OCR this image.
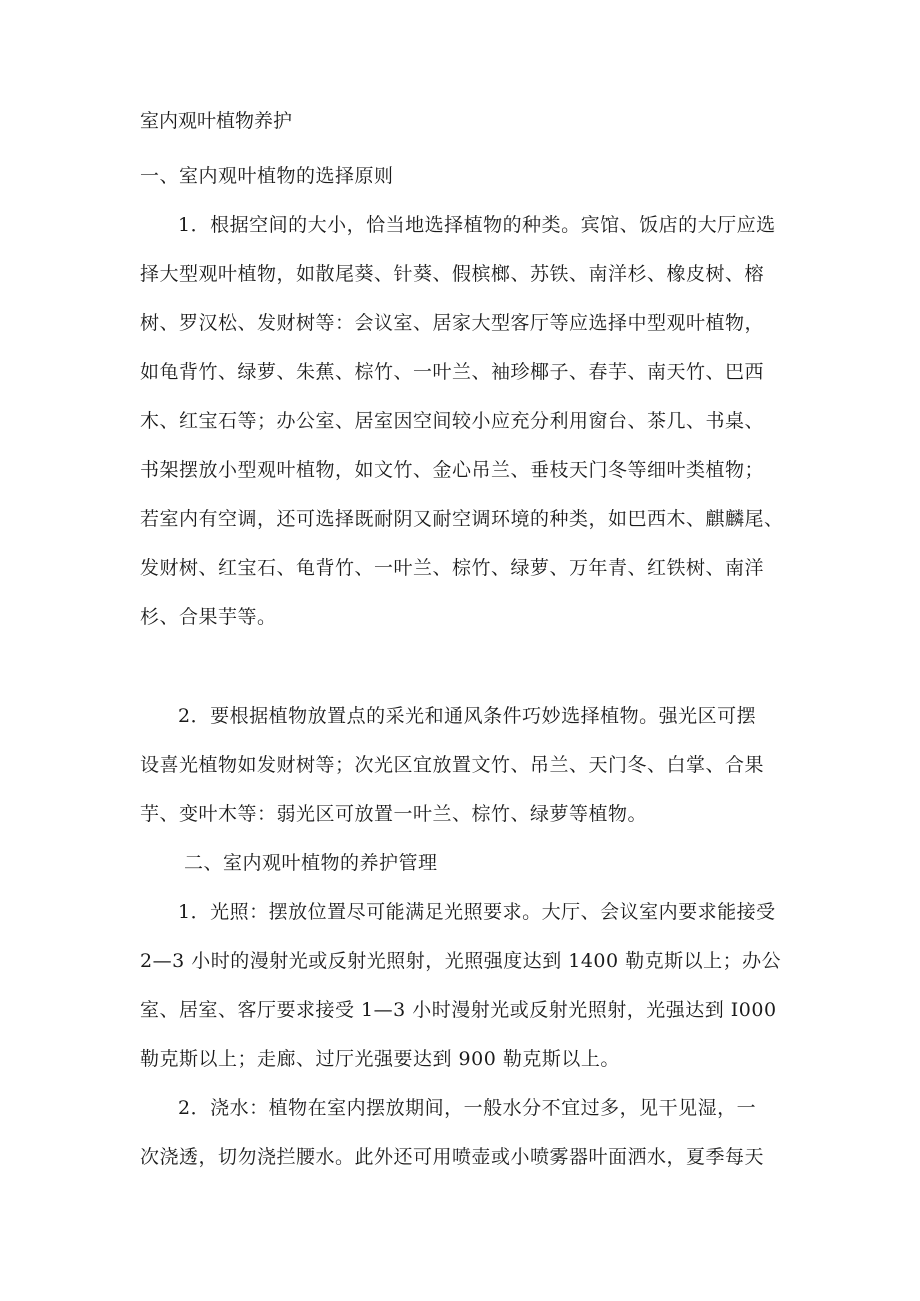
室内观叶植物养护
一、室内观叶植物的选择原则
1．根据空间的大小，恰当地选择植物的种类。宾馆、饭店的大厅应选
择大型观叶植物，如散尾葵、针葵、假槟榔、苏铁、南洋杉、橡皮树、榕
树、罗汉松、发财树等：会议室、居家大型客厅等应选择中型观叶植物，
如龟背竹、绿萝、朱蕉、棕竹、一叶兰、袖珍椰子、春芋、南天竹、巴西
木、红宝石等；办公室、居室因空间较小应充分利用窗台、茶几、书桌、
书架摆放小型观叶植物，如文竹、金心吊兰、垂枝天门冬等细叶类植物；
若室内有空调，还可选择既耐阴又耐空调环境的种类，如巴西木、麒麟尾、
发财树、红宝石、龟背竹、一叶兰、棕竹、绿萝、万年青、红铁树、南洋
杉、合果芋等。
2．要根据植物放置点的采光和通风条件巧妙选择植物。强光区可摆
设喜光植物如发财树等；次光区宜放置文竹、吊兰、天门冬、白掌、合果
芋、变叶木等：弱光区可放置一叶兰、棕竹、绿萝等植物。
二、室内观叶植物的养护管理
1．光照：摆放位置尽可能满足光照要求。大厅、会议室内要求能接受
2—3 小时的漫射光或反射光照射，光照强度达到 1400 勒克斯以上；办公
室、居室、客厅要求接受 1—3 小时漫射光或反射光照射，光强达到 I000
勒克斯以上；走廊、过厅光强要达到 900 勒克斯以上。
2．浇水：植物在室内摆放期间，一般水分不宜过多，见干见湿，一
次浇透，切勿浇拦腰水。此外还可用喷壶或小喷雾器叶面洒水，夏季每天
